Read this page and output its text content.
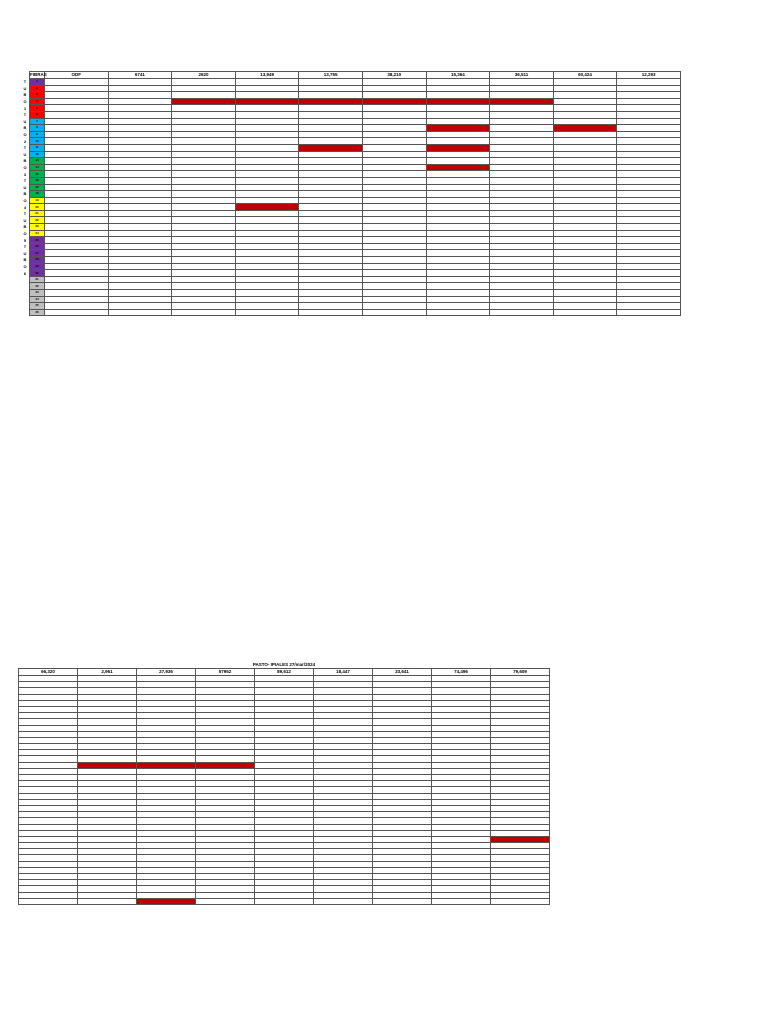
	FIBRAS	ODF	6741	2620	13,949	13,755	38,210	15,364	36,511	60,424	12,293
T	1										
U	2										
B	3										
O	4										
1	5										
T	6										
U	7										
B	8										
O	9										
2	10										
T	11										
U	12										
B	13										
O	14										
3	15										
T	16										
U	17										
B	18										
O	19										
4	20										
T	21										
U	22										
B	23										
O	24										
5	25										
T	26										
U	27										
B	28										
O	29										
6	30										
	31										
	32										
	33										
	34										
	35										
	36										
PASTO- IPIALES 27/mar/2024								
66,320	2,961	27,936	57952	89,612	18,447	33,641	74,496	79,609
